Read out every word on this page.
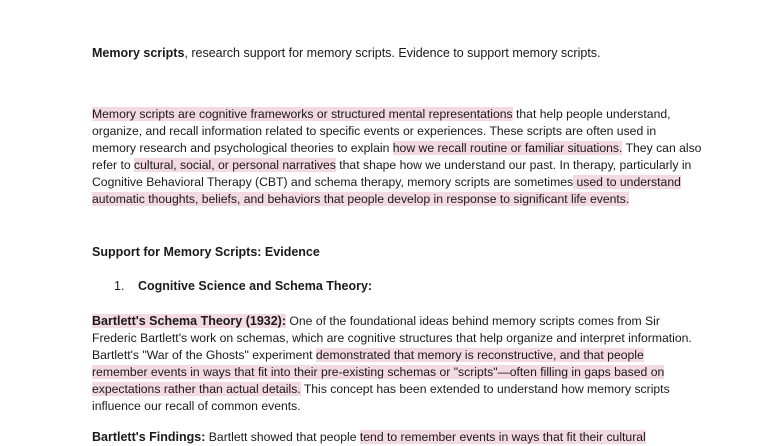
Memory scripts, research support for memory scripts. Evidence to support memory scripts.

Memory scripts are cognitive frameworks or structured mental representations that help people understand, organize, and recall information related to specific events or experiences. These scripts are often used in memory research and psychological theories to explain how we recall routine or familiar situations. They can also refer to cultural, social, or personal narratives that shape how we understand our past. In therapy, particularly in Cognitive Behavioral Therapy (CBT) and schema therapy, memory scripts are sometimes used to understand automatic thoughts, beliefs, and behaviors that people develop in response to significant life events.

Support for Memory Scripts: Evidence
1. Cognitive Science and Schema Theory:

Bartlett's Schema Theory (1932): One of the foundational ideas behind memory scripts comes from Sir Frederic Bartlett's work on schemas, which are cognitive structures that help organize and interpret information. Bartlett's "War of the Ghosts" experiment demonstrated that memory is reconstructive, and that people remember events in ways that fit into their pre-existing schemas or "scripts"—often filling in gaps based on expectations rather than actual details. This concept has been extended to understand how memory scripts influence our recall of common events.

Bartlett's Findings: Bartlett showed that people tend to remember events in ways that fit their cultural
